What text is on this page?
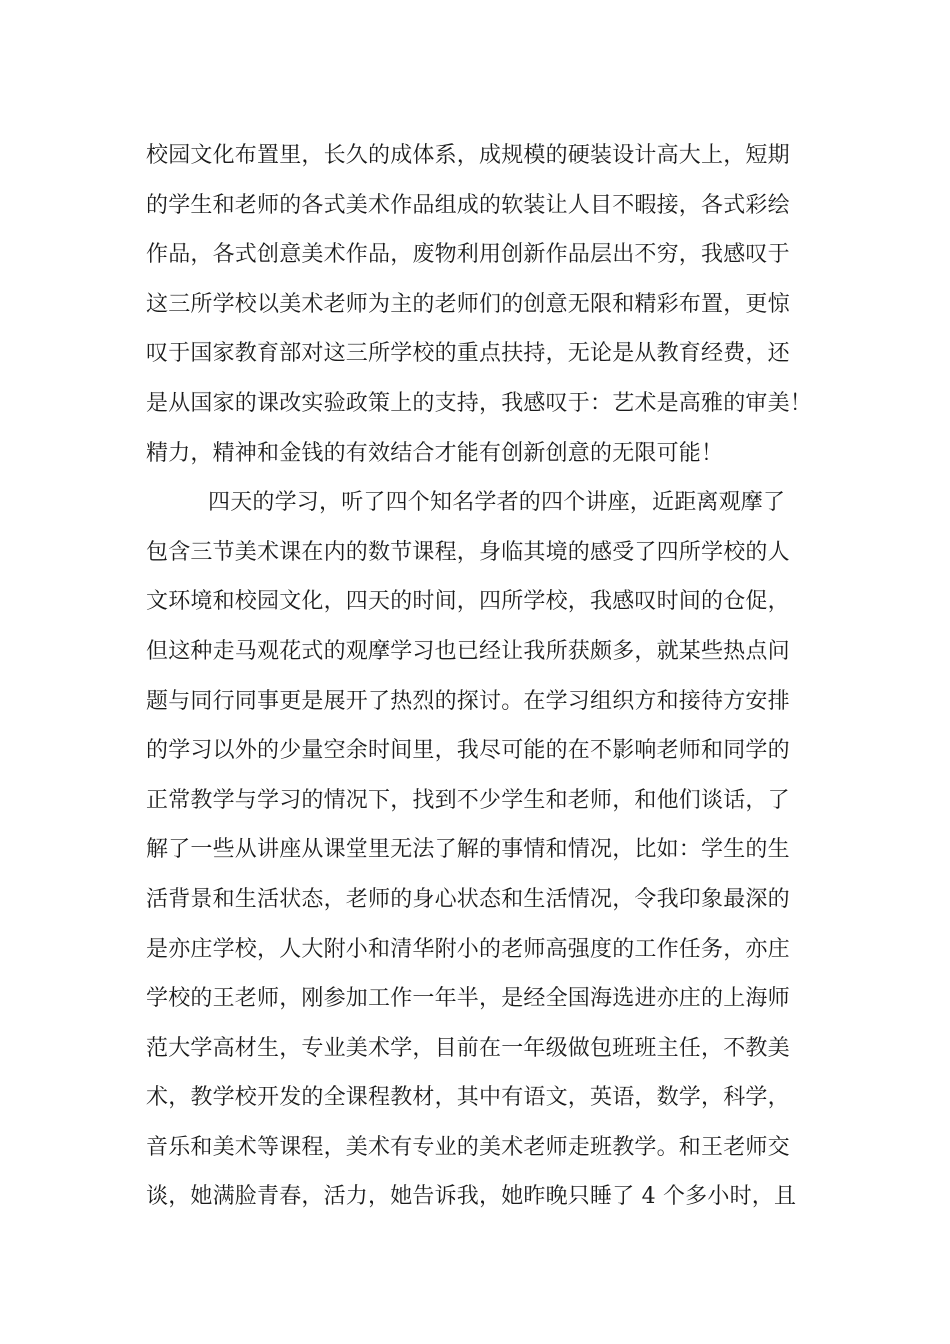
校园文化布置里，长久的成体系，成规模的硬装设计高大上，短期
的学生和老师的各式美术作品组成的软装让人目不暇接，各式彩绘
作品，各式创意美术作品，废物利用创新作品层出不穷，我感叹于
这三所学校以美术老师为主的老师们的创意无限和精彩布置，更惊
叹于国家教育部对这三所学校的重点扶持，无论是从教育经费，还
是从国家的课改实验政策上的支持，我感叹于：艺术是高雅的审美！
精力，精神和金钱的有效结合才能有创新创意的无限可能！
四天的学习，听了四个知名学者的四个讲座，近距离观摩了
包含三节美术课在内的数节课程，身临其境的感受了四所学校的人
文环境和校园文化，四天的时间，四所学校，我感叹时间的仓促，
但这种走马观花式的观摩学习也已经让我所获颇多，就某些热点问
题与同行同事更是展开了热烈的探讨。在学习组织方和接待方安排
的学习以外的少量空余时间里，我尽可能的在不影响老师和同学的
正常教学与学习的情况下，找到不少学生和老师，和他们谈话，了
解了一些从讲座从课堂里无法了解的事情和情况，比如：学生的生
活背景和生活状态，老师的身心状态和生活情况，令我印象最深的
是亦庄学校，人大附小和清华附小的老师高强度的工作任务，亦庄
学校的王老师，刚参加工作一年半，是经全国海选进亦庄的上海师
范大学高材生，专业美术学，目前在一年级做包班班主任，不教美
术，教学校开发的全课程教材，其中有语文，英语，数学，科学，
音乐和美术等课程，美术有专业的美术老师走班教学。和王老师交
谈，她满脸青春，活力，她告诉我，她昨晚只睡了 4 个多小时，且
